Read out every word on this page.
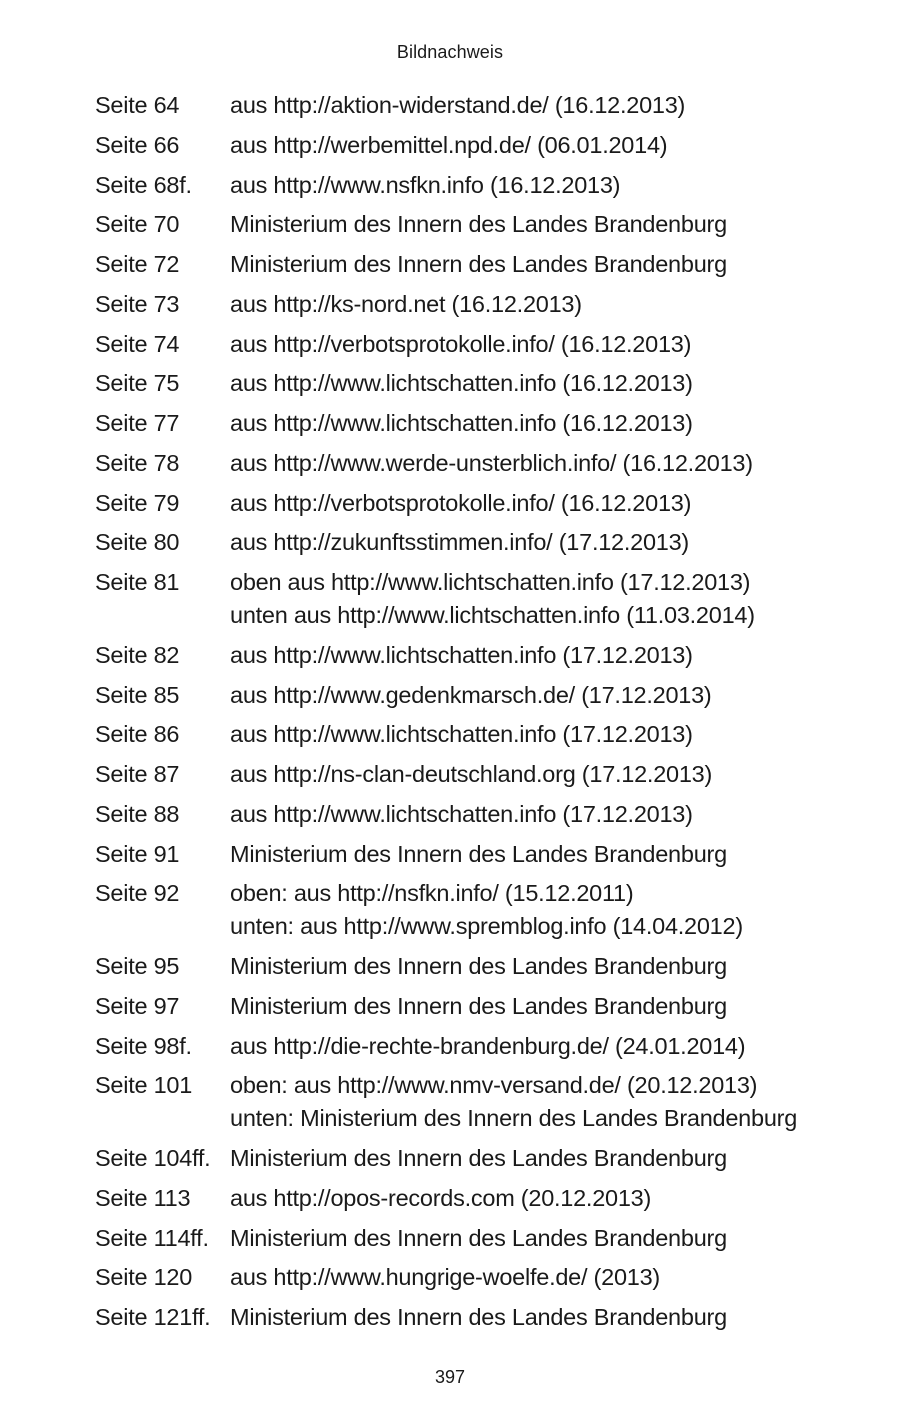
Bildnachweis
Seite 64	aus http://aktion-widerstand.de/ (16.12.2013)
Seite 66	aus http://werbemittel.npd.de/ (06.01.2014)
Seite 68f.	aus http://www.nsfkn.info (16.12.2013)
Seite 70	Ministerium des Innern des Landes Brandenburg
Seite 72	Ministerium des Innern des Landes Brandenburg
Seite 73	aus http://ks-nord.net (16.12.2013)
Seite 74	aus http://verbotsprotokolle.info/ (16.12.2013)
Seite 75	aus http://www.lichtschatten.info (16.12.2013)
Seite 77	aus http://www.lichtschatten.info (16.12.2013)
Seite 78	aus http://www.werde-unsterblich.info/ (16.12.2013)
Seite 79	aus http://verbotsprotokolle.info/ (16.12.2013)
Seite 80	aus http://zukunftsstimmen.info/ (17.12.2013)
Seite 81	oben aus http://www.lichtschatten.info (17.12.2013)
unten aus http://www.lichtschatten.info (11.03.2014)
Seite 82	aus http://www.lichtschatten.info (17.12.2013)
Seite 85	aus http://www.gedenkmarsch.de/ (17.12.2013)
Seite 86	aus http://www.lichtschatten.info (17.12.2013)
Seite 87	aus http://ns-clan-deutschland.org (17.12.2013)
Seite 88	aus http://www.lichtschatten.info (17.12.2013)
Seite 91	Ministerium des Innern des Landes Brandenburg
Seite 92	oben: aus http://nsfkn.info/ (15.12.2011)
unten: aus http://www.spremblog.info (14.04.2012)
Seite 95	Ministerium des Innern des Landes Brandenburg
Seite 97	Ministerium des Innern des Landes Brandenburg
Seite 98f.	aus http://die-rechte-brandenburg.de/ (24.01.2014)
Seite 101	oben: aus http://www.nmv-versand.de/ (20.12.2013)
unten: Ministerium des Innern des Landes Brandenburg
Seite 104ff. Ministerium des Innern des Landes Brandenburg
Seite 113	aus http://opos-records.com (20.12.2013)
Seite 114ff. Ministerium des Innern des Landes Brandenburg
Seite 120	aus http://www.hungrige-woelfe.de/ (2013)
Seite 121ff. Ministerium des Innern des Landes Brandenburg
397
